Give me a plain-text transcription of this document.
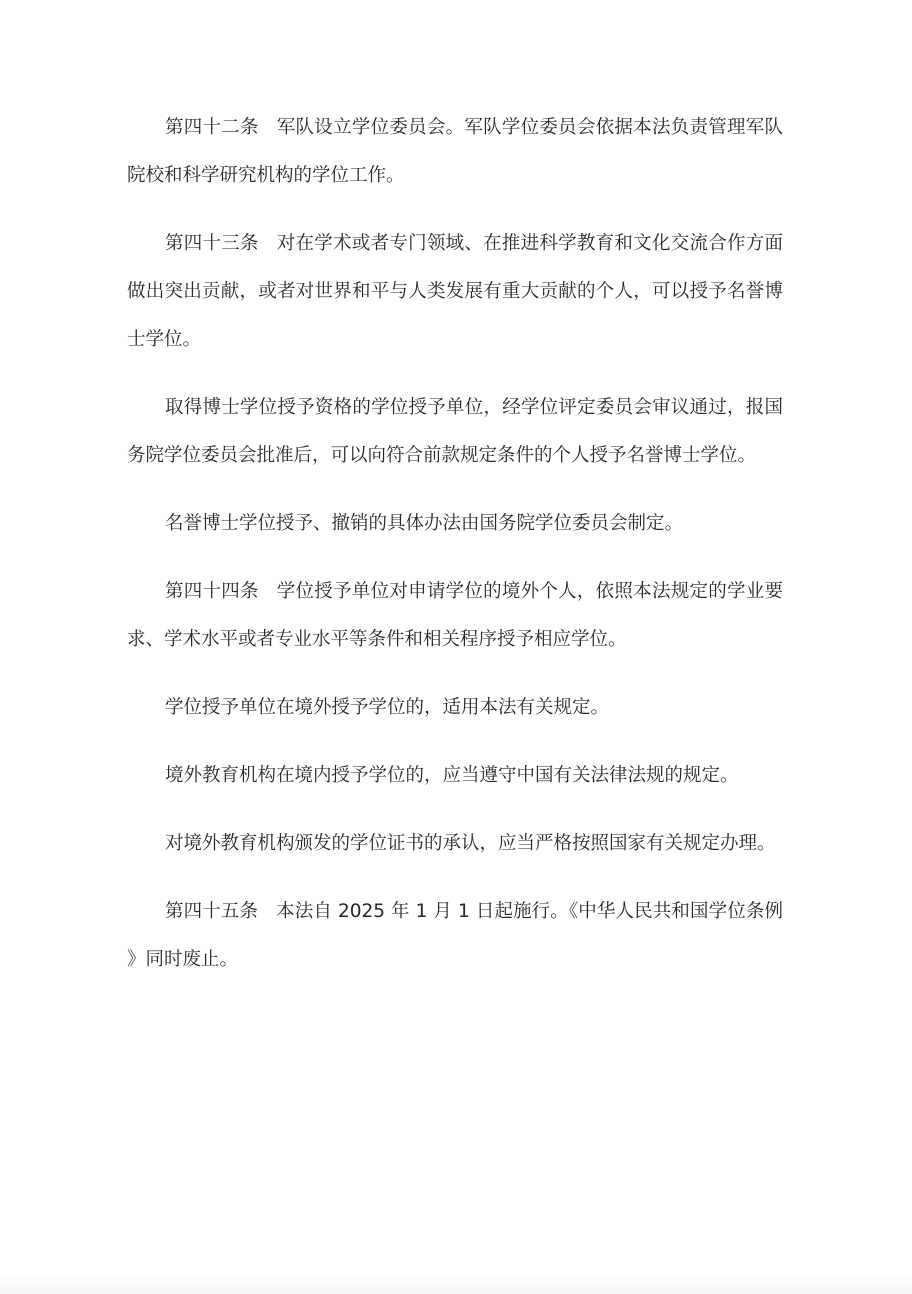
第四十二条 军队设立学位委员会。军队学位委员会依据本法负责管理军队院校和科学研究机构的学位工作。

第四十三条 对在学术或者专门领域、在推进科学教育和文化交流合作方面做出突出贡献，或者对世界和平与人类发展有重大贡献的个人，可以授予名誉博士学位。

取得博士学位授予资格的学位授予单位，经学位评定委员会审议通过，报国务院学位委员会批准后，可以向符合前款规定条件的个人授予名誉博士学位。

名誉博士学位授予、撤销的具体办法由国务院学位委员会制定。

第四十四条 学位授予单位对申请学位的境外个人，依照本法规定的学业要求、学术水平或者专业水平等条件和相关程序授予相应学位。

学位授予单位在境外授予学位的，适用本法有关规定。

境外教育机构在境内授予学位的，应当遵守中国有关法律法规的规定。

对境外教育机构颁发的学位证书的承认，应当严格按照国家有关规定办理。

第四十五条 本法自 2025 年 1 月 1 日起施行。《中华人民共和国学位条例》同时废止。
